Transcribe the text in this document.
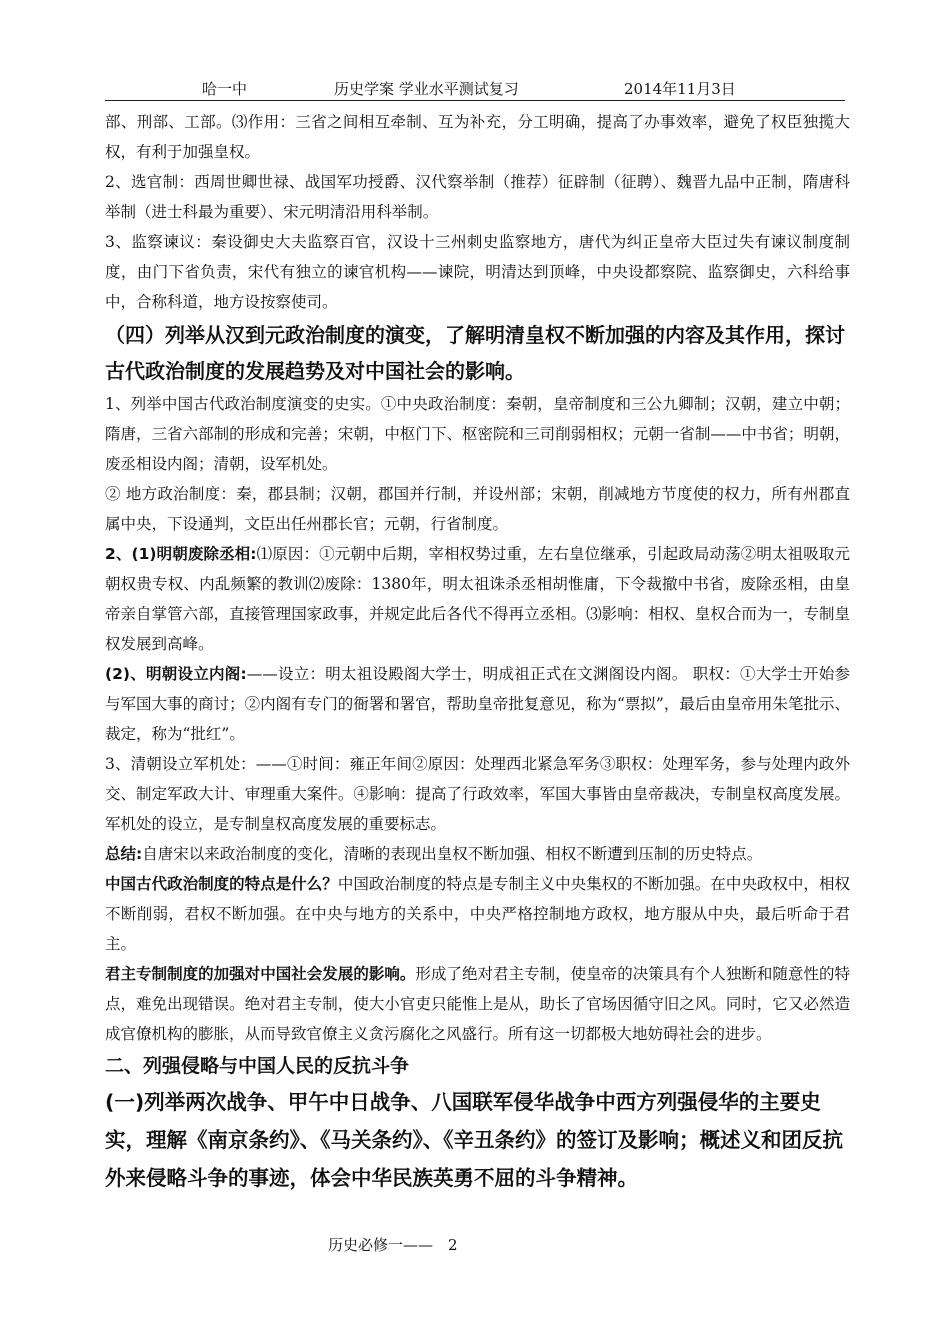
哈一中	历史学案 学业水平测试复习	2014年11月3日

部、刑部、工部。⑶作用：三省之间相互牵制、互为补充，分工明确，提高了办事效率，避免了权臣独揽大权，有利于加强皇权。

2、选官制：西周世卿世禄、战国军功授爵、汉代察举制（推荐）征辟制（征聘）、魏晋九品中正制，隋唐科举制（进士科最为重要）、宋元明清沿用科举制。

3、监察谏议：秦设御史大夫监察百官，汉设十三州刺史监察地方，唐代为纠正皇帝大臣过失有谏议制度制度，由门下省负责，宋代有独立的谏官机构——谏院，明清达到顶峰，中央设都察院、监察御史，六科给事中，合称科道，地方设按察使司。

（四）列举从汉到元政治制度的演变，了解明清皇权不断加强的内容及其作用，探讨古代政治制度的发展趋势及对中国社会的影响。

1、列举中国古代政治制度演变的史实。①中央政治制度：秦朝，皇帝制度和三公九卿制；汉朝，建立中朝；隋唐，三省六部制的形成和完善；宋朝，中枢门下、枢密院和三司削弱相权；元朝一省制——中书省；明朝，废丞相设内阁；清朝，设军机处。

② 地方政治制度：秦，郡县制；汉朝，郡国并行制，并设州部；宋朝，削减地方节度使的权力，所有州郡直属中央，下设通判，文臣出任州郡长官；元朝，行省制度。

2、(1)明朝废除丞相:⑴原因：①元朝中后期，宰相权势过重，左右皇位继承，引起政局动荡②明太祖吸取元朝权贵专权、内乱频繁的教训⑵废除：1380年，明太祖诛杀丞相胡惟庸，下令裁撤中书省，废除丞相，由皇帝亲自掌管六部，直接管理国家政事，并规定此后各代不得再立丞相。⑶影响：相权、皇权合而为一，专制皇权发展到高峰。

(2)、明朝设立内阁:——设立：明太祖设殿阁大学士，明成祖正式在文渊阁设内阁。 职权：①大学士开始参与军国大事的商讨；②内阁有专门的衙署和署官，帮助皇帝批复意见，称为“票拟”，最后由皇帝用朱笔批示、裁定，称为“批红”。

3、清朝设立军机处：——①时间：雍正年间②原因：处理西北紧急军务③职权：处理军务，参与处理内政外交、制定军政大计、审理重大案件。④影响：提高了行政效率，军国大事皆由皇帝裁决，专制皇权高度发展。军机处的设立，是专制皇权高度发展的重要标志。

总结:自唐宋以来政治制度的变化，清晰的表现出皇权不断加强、相权不断遭到压制的历史特点。

中国古代政治制度的特点是什么？中国政治制度的特点是专制主义中央集权的不断加强。在中央政权中，相权不断削弱，君权不断加强。在中央与地方的关系中，中央严格控制地方政权，地方服从中央，最后听命于君主。

君主专制制度的加强对中国社会发展的影响。形成了绝对君主专制，使皇帝的决策具有个人独断和随意性的特点，难免出现错误。绝对君主专制，使大小官吏只能惟上是从，助长了官场因循守旧之风。同时，它又必然造成官僚机构的膨胀，从而导致官僚主义贪污腐化之风盛行。所有这一切都极大地妨碍社会的进步。

二、列强侵略与中国人民的反抗斗争

(一)列举两次战争、甲午中日战争、八国联军侵华战争中西方列强侵华的主要史实，理解《南京条约》、《马关条约》、《辛丑条约》的签订及影响；概述义和团反抗外来侵略斗争的事迹，体会中华民族英勇不屈的斗争精神。

历史必修一——　2
